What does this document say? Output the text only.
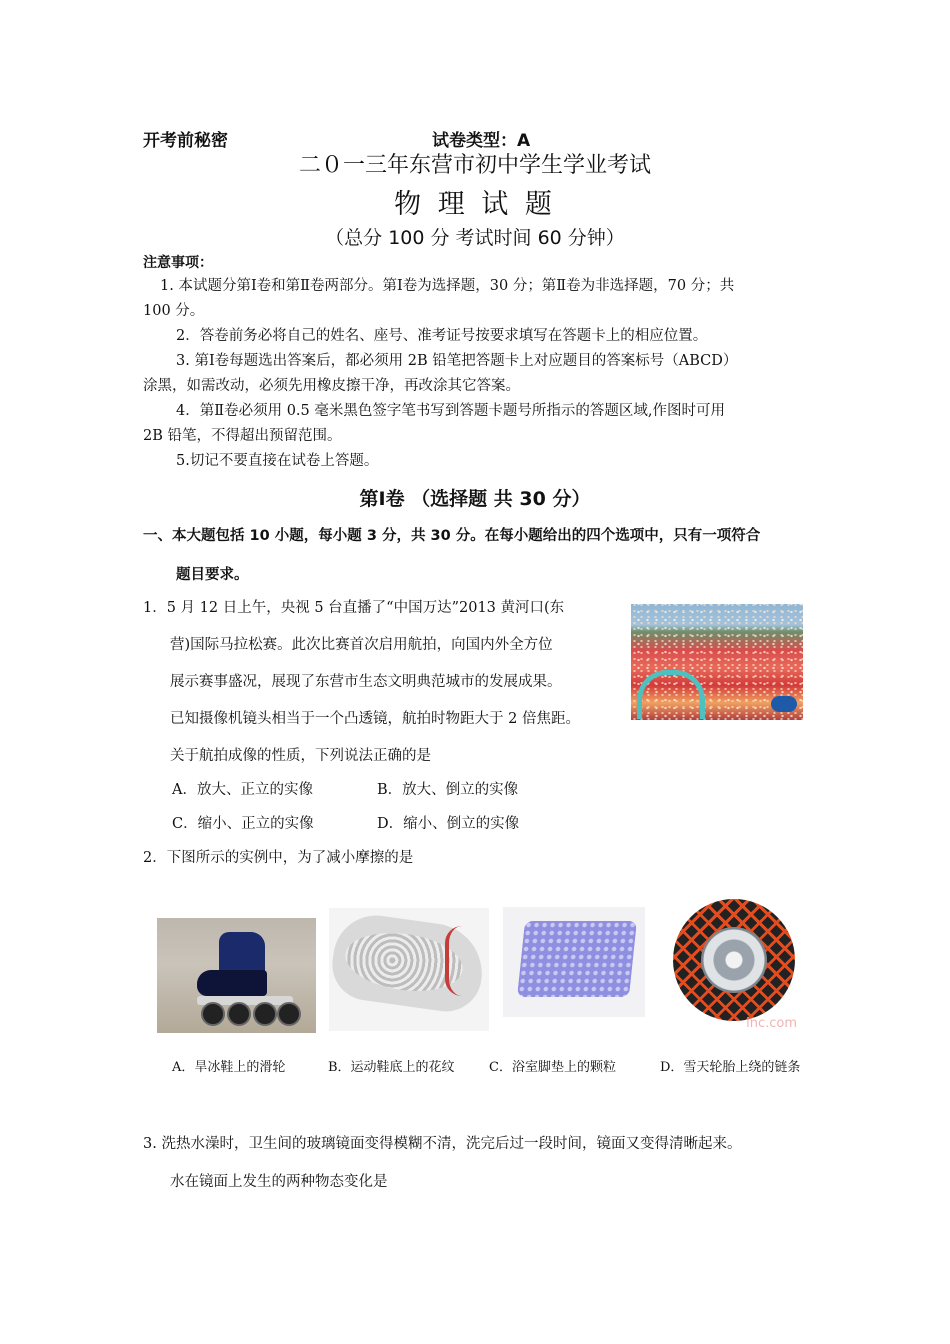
开考前秘密	试卷类型：A
二０一三年东营市初中学生学业考试
物 理 试 题
（总分 100 分 考试时间 60 分钟）
注意事项：
1. 本试题分第Ⅰ卷和第Ⅱ卷两部分。第Ⅰ卷为选择题，30 分；第Ⅱ卷为非选择题，70 分；共
100 分。
2．答卷前务必将自己的姓名、座号、准考证号按要求填写在答题卡上的相应位置。
3. 第Ⅰ卷每题选出答案后，都必须用 2B 铅笔把答题卡上对应题目的答案标号（ABCD）
涂黑，如需改动，必须先用橡皮擦干净，再改涂其它答案。
4．第Ⅱ卷必须用 0.5 毫米黑色签字笔书写到答题卡题号所指示的答题区域,作图时可用
2B 铅笔，不得超出预留范围。
5.切记不要直接在试卷上答题。
第Ⅰ卷 （选择题 共 30 分）
一、本大题包括 10 小题，每小题 3 分，共 30 分。在每小题给出的四个选项中，只有一项符合
题目要求。
1．5 月 12 日上午，央视 5 台直播了“中国万达”2013 黄河口(东
营)国际马拉松赛。此次比赛首次启用航拍，向国内外全方位
展示赛事盛况，展现了东营市生态文明典范城市的发展成果。
已知摄像机镜头相当于一个凸透镜，航拍时物距大于 2 倍焦距。
关于航拍成像的性质，下列说法正确的是
A．放大、正立的实像	B．放大、倒立的实像
C．缩小、正立的实像	D．缩小、倒立的实像
2．下图所示的实例中，为了减小摩擦的是
inc.com
A．旱冰鞋上的滑轮	B．运动鞋底上的花纹	C．浴室脚垫上的颗粒	D．雪天轮胎上绕的链条
3. 洗热水澡时，卫生间的玻璃镜面变得模糊不清，洗完后过一段时间，镜面又变得清晰起来。
水在镜面上发生的两种物态变化是
